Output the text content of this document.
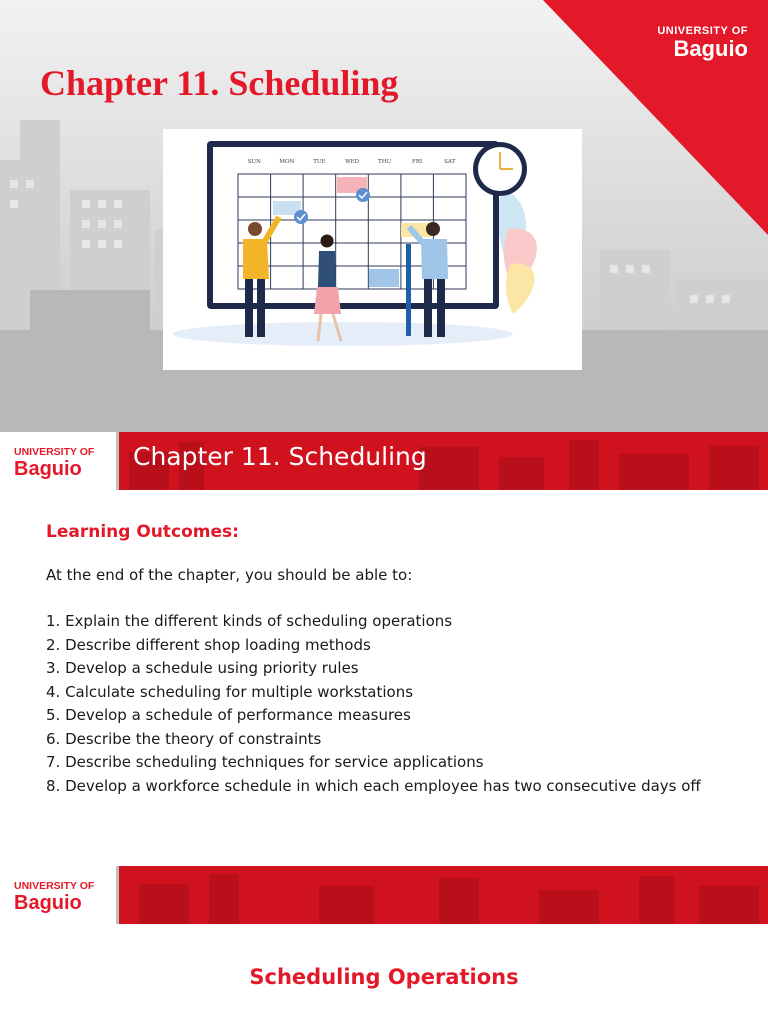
UNIVERSITY OF
Baguio
Chapter 11. Scheduling
SUN	MON	TUE	WED	THU	FRI	SAT
UNIVERSITY OF
Baguio	Chapter 11. Scheduling
Learning Outcomes:

At the end of the chapter, you should be able to:

1. Explain the different kinds of scheduling operations
2. Describe different shop loading methods
3. Develop a schedule using priority rules
4. Calculate scheduling for multiple workstations
5. Develop a schedule of performance measures
6. Describe the theory of constraints
7. Describe scheduling techniques for service applications
8. Develop a workforce schedule in which each employee has two consecutive days off
UNIVERSITY OF
Baguio
Scheduling Operations
